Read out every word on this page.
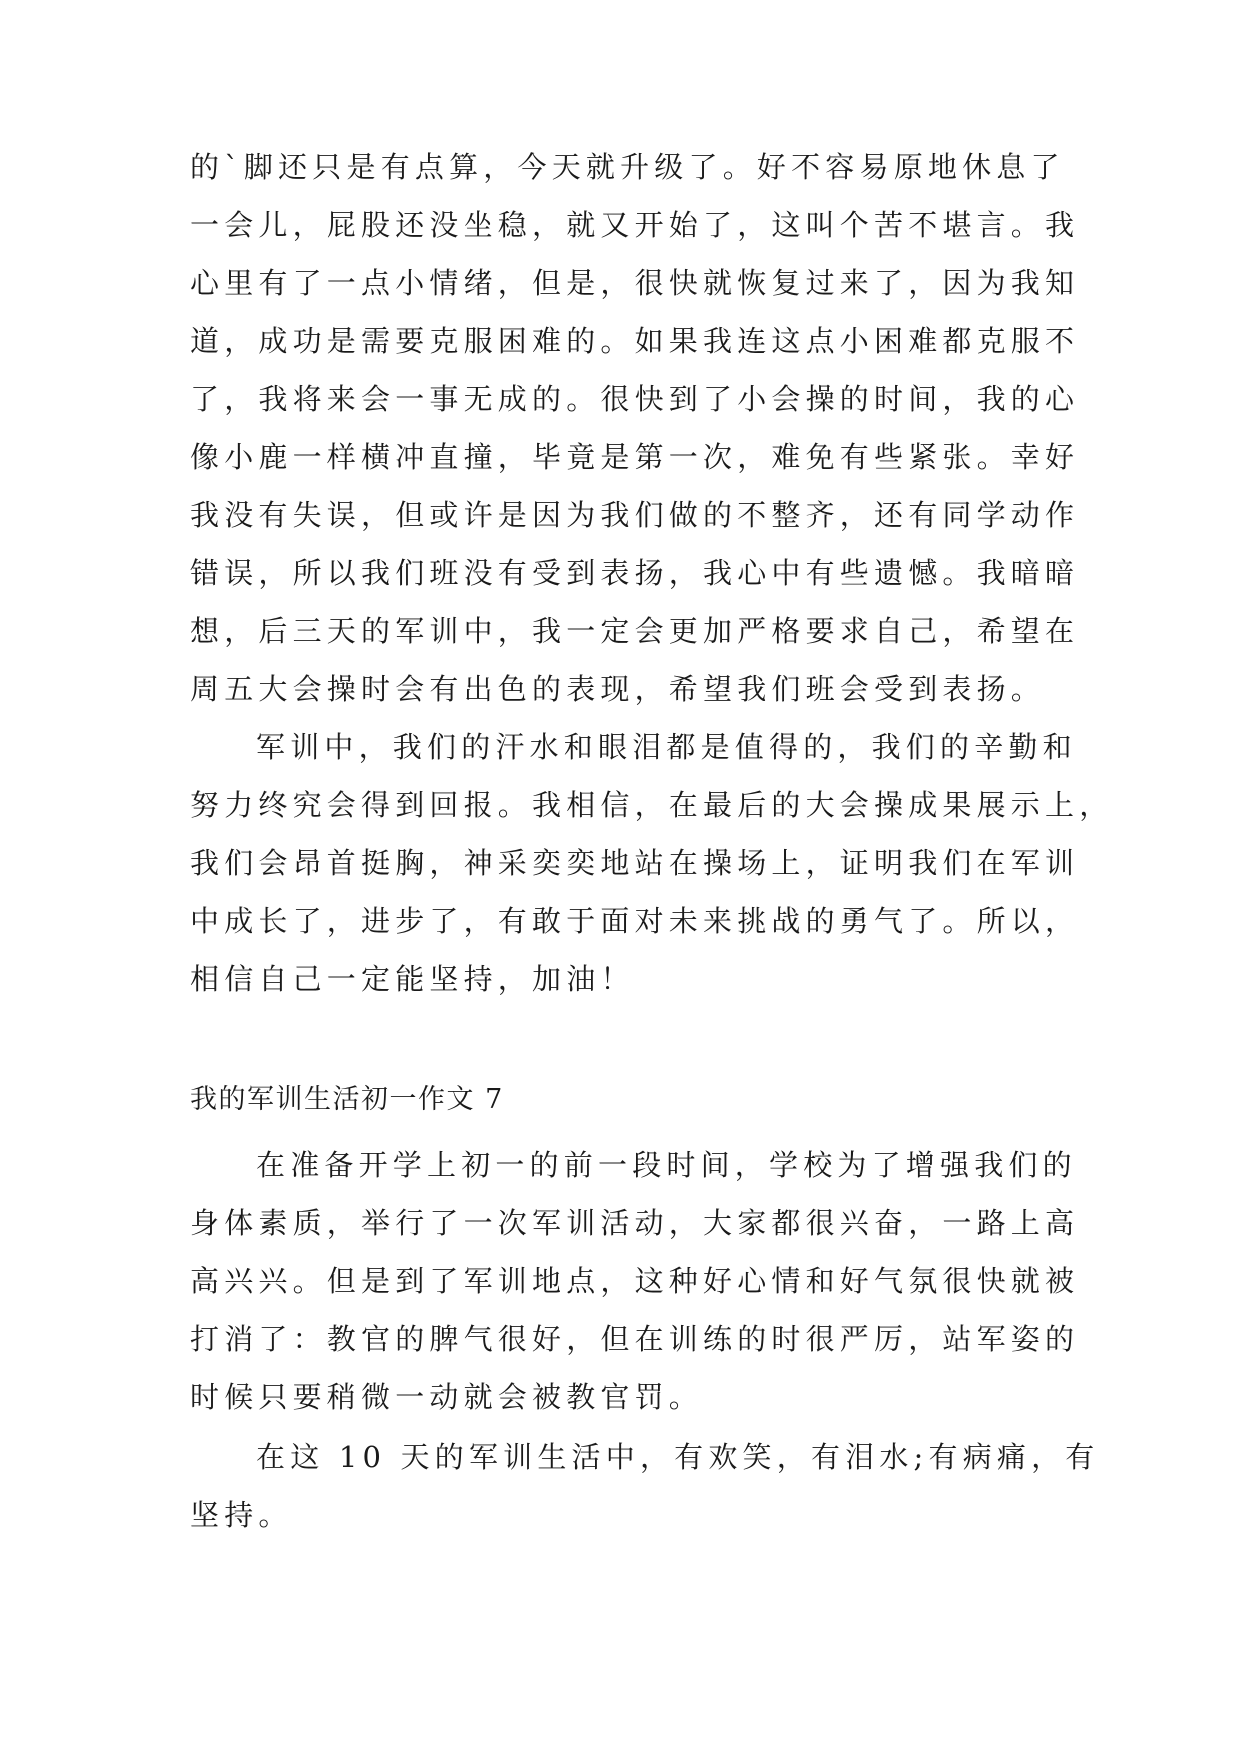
的`脚还只是有点算，今天就升级了。好不容易原地休息了
一会儿，屁股还没坐稳，就又开始了，这叫个苦不堪言。我
心里有了一点小情绪，但是，很快就恢复过来了，因为我知
道，成功是需要克服困难的。如果我连这点小困难都克服不
了，我将来会一事无成的。很快到了小会操的时间，我的心
像小鹿一样横冲直撞，毕竟是第一次，难免有些紧张。幸好
我没有失误，但或许是因为我们做的不整齐，还有同学动作
错误，所以我们班没有受到表扬，我心中有些遗憾。我暗暗
想，后三天的军训中，我一定会更加严格要求自己，希望在
周五大会操时会有出色的表现，希望我们班会受到表扬。
军训中，我们的汗水和眼泪都是值得的，我们的辛勤和
努力终究会得到回报。我相信，在最后的大会操成果展示上，
我们会昂首挺胸，神采奕奕地站在操场上，证明我们在军训
中成长了，进步了，有敢于面对未来挑战的勇气了。所以，
相信自己一定能坚持，加油！
我的军训生活初一作文 7
在准备开学上初一的前一段时间，学校为了增强我们的
身体素质，举行了一次军训活动，大家都很兴奋，一路上高
高兴兴。但是到了军训地点，这种好心情和好气氛很快就被
打消了：教官的脾气很好，但在训练的时很严厉，站军姿的
时候只要稍微一动就会被教官罚。
在这 10 天的军训生活中，有欢笑，有泪水;有病痛，有
坚持。
